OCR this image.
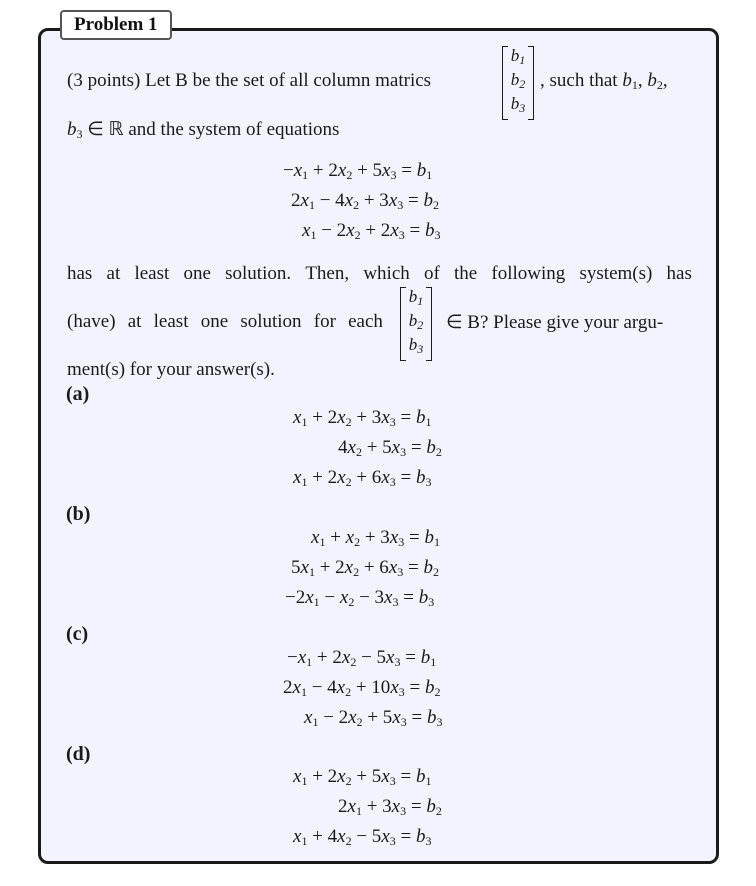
Problem 1
(3 points) Let B be the set of all column matrics
$b_1$
$b_2$
$b_3$
, such that $b_1$, $b_2$,
$b_3$ ∈ ℝ and the system of equations
$-x_1 + 2x_2 + 5x_3 = b_1$
$2x_1 - 4x_2 + 3x_3 = b_2$
$x_1 - 2x_2 + 2x_3 = b_3$
has at least one solution. Then, which of the following system(s) has
(have) at least one solution for each
$b_1$
$b_2$
$b_3$
∈ B? Please give your argu-
ment(s) for your answer(s).
(a)
$x_1 + 2x_2 + 3x_3 = b_1$
$4x_2 + 5x_3 = b_2$
$x_1 + 2x_2 + 6x_3 = b_3$
(b)
$x_1 + x_2 + 3x_3 = b_1$
$5x_1 + 2x_2 + 6x_3 = b_2$
$-2x_1 - x_2 - 3x_3 = b_3$
(c)
$-x_1 + 2x_2 - 5x_3 = b_1$
$2x_1 - 4x_2 + 10x_3 = b_2$
$x_1 - 2x_2 + 5x_3 = b_3$
(d)
$x_1 + 2x_2 + 5x_3 = b_1$
$2x_1 + 3x_3 = b_2$
$x_1 + 4x_2 - 5x_3 = b_3$
